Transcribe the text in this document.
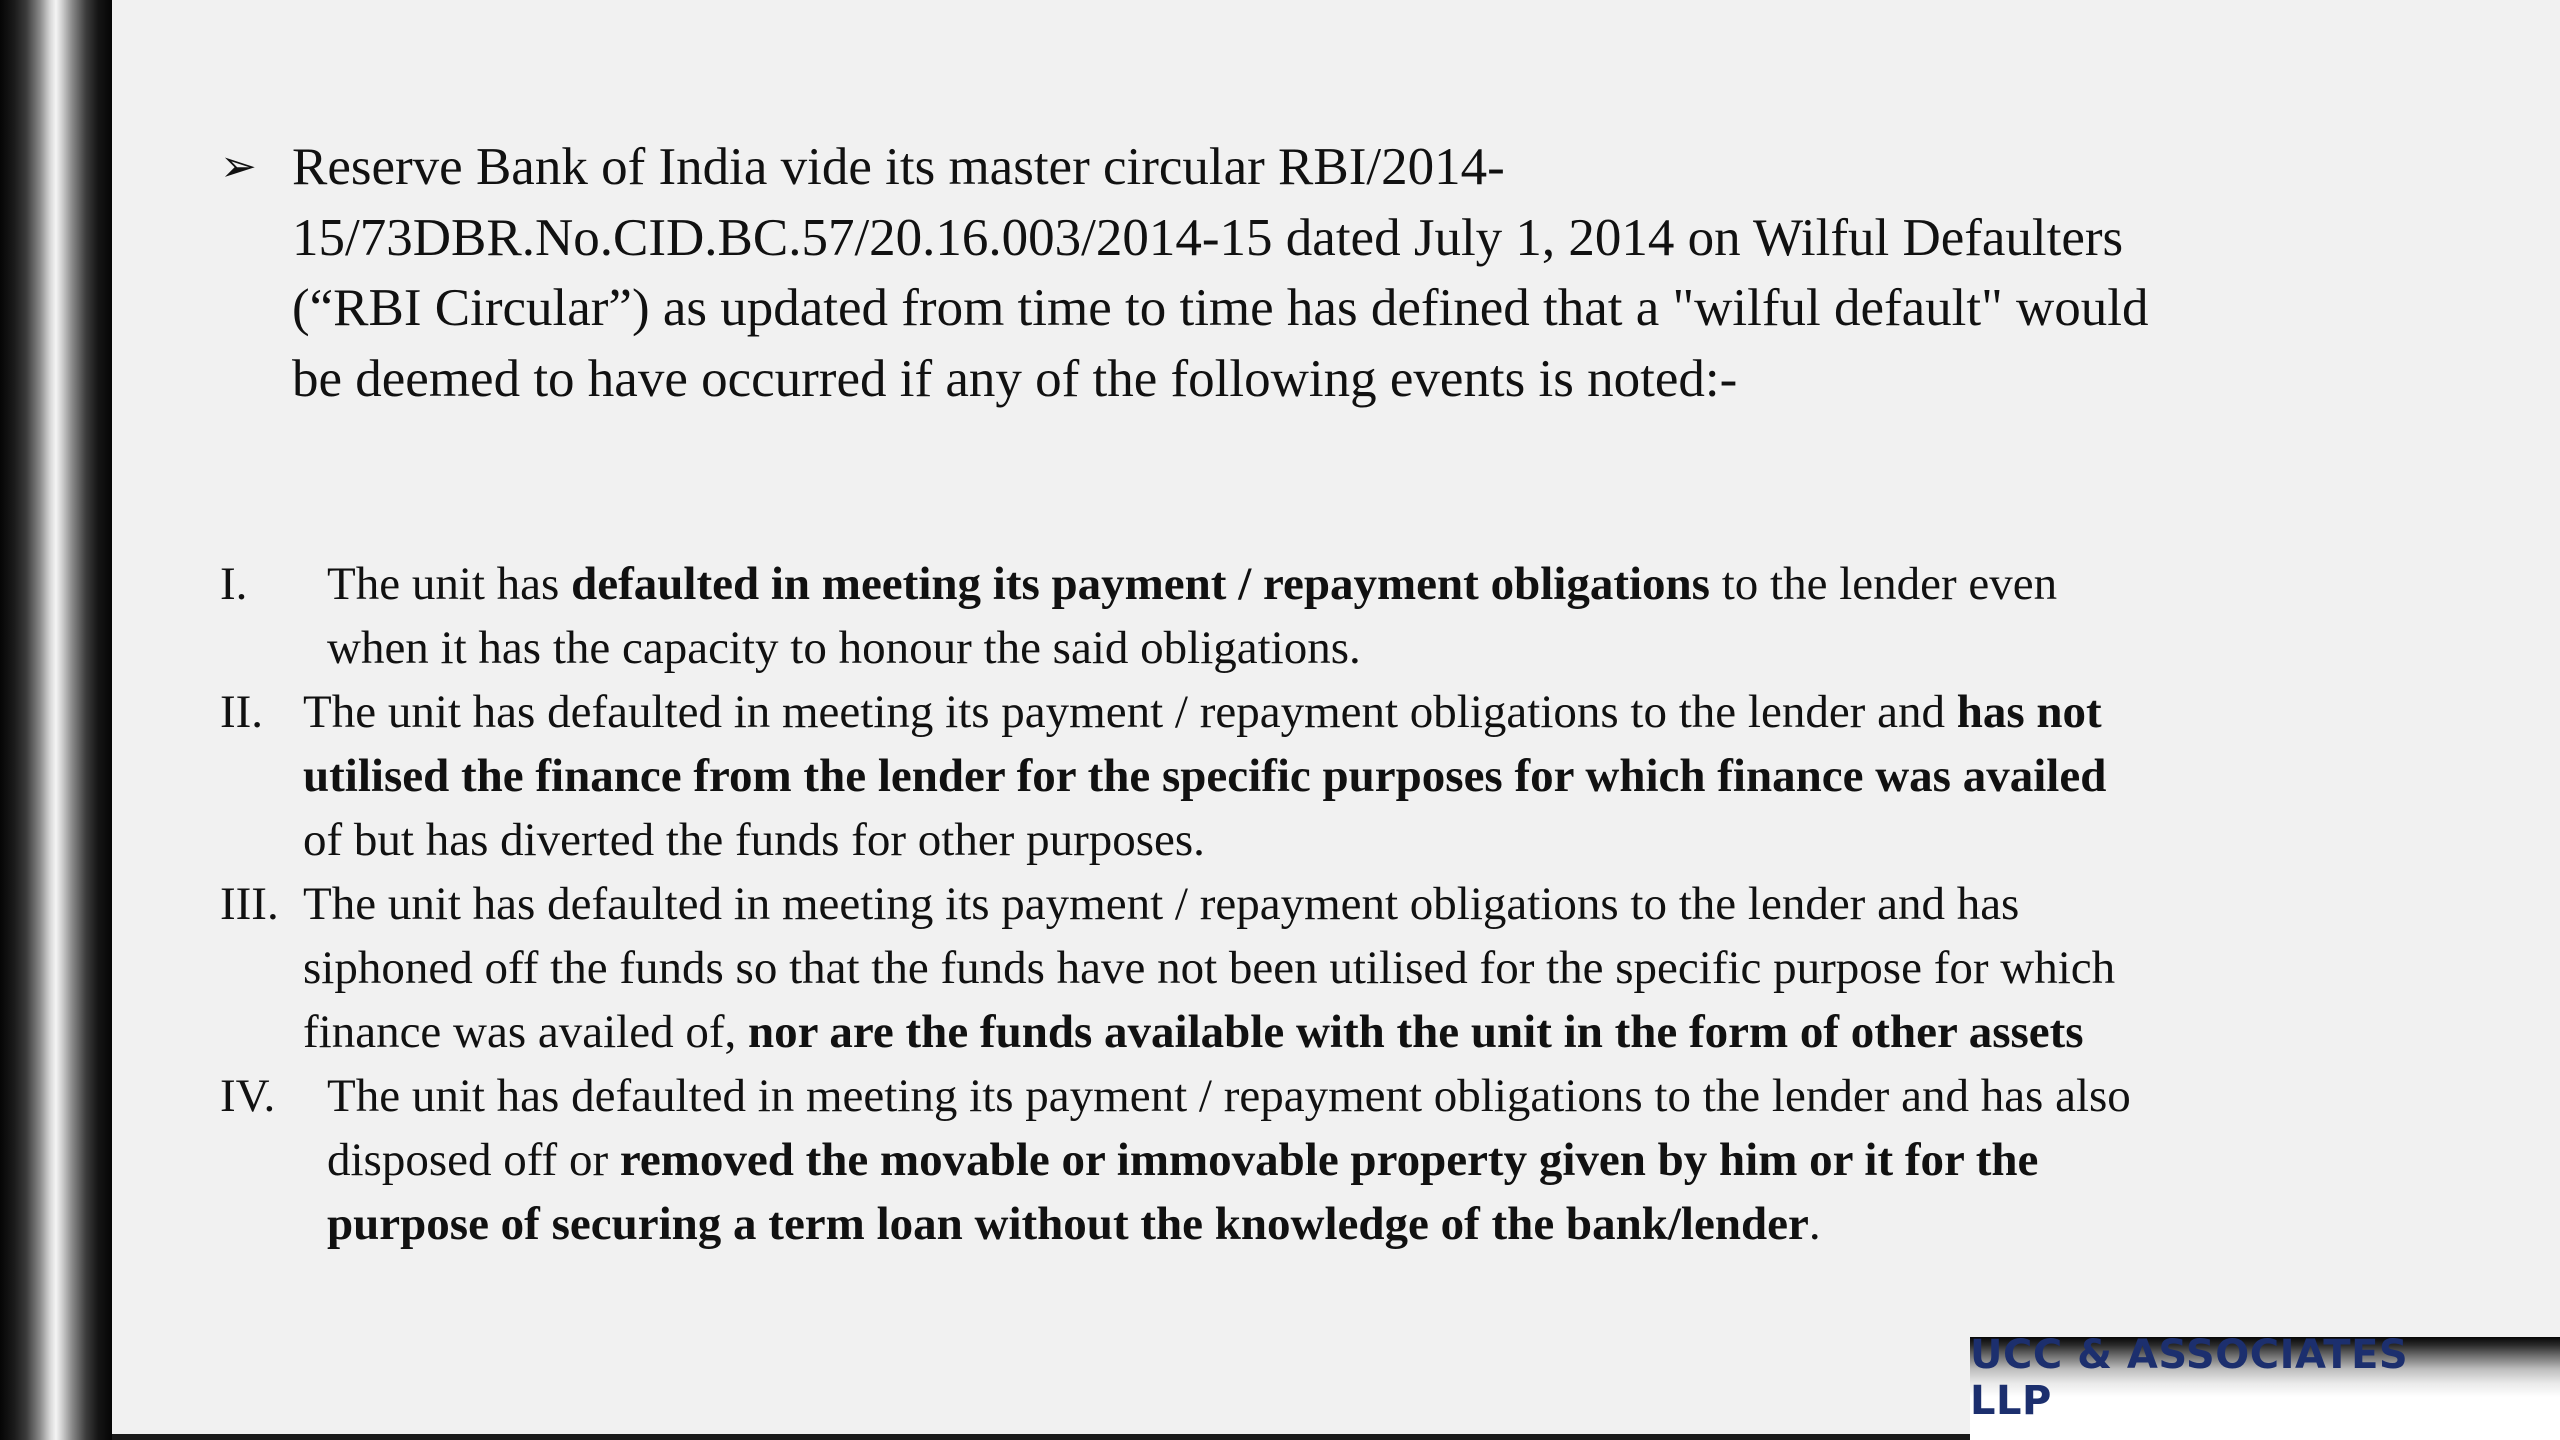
➢ Reserve Bank of India vide its master circular RBI/2014-
15/73DBR.No.CID.BC.57/20.16.003/2014-15 dated July 1, 2014 on Wilful Defaulters
(“RBI Circular”) as updated from time to time has defined that a "wilful default" would
be deemed to have occurred if any of the following events is noted:-
I. The unit has defaulted in meeting its payment / repayment obligations to the lender even
when it has the capacity to honour the said obligations.
II. The unit has defaulted in meeting its payment / repayment obligations to the lender and has not
utilised the finance from the lender for the specific purposes for which finance was availed
of but has diverted the funds for other purposes.
III. The unit has defaulted in meeting its payment / repayment obligations to the lender and has
siphoned off the funds so that the funds have not been utilised for the specific purpose for which
finance was availed of, nor are the funds available with the unit in the form of other assets
IV. The unit has defaulted in meeting its payment / repayment obligations to the lender and has also
disposed off or removed the movable or immovable property given by him or it for the
purpose of securing a term loan without the knowledge of the bank/lender.
UCC & ASSOCIATES LLP
